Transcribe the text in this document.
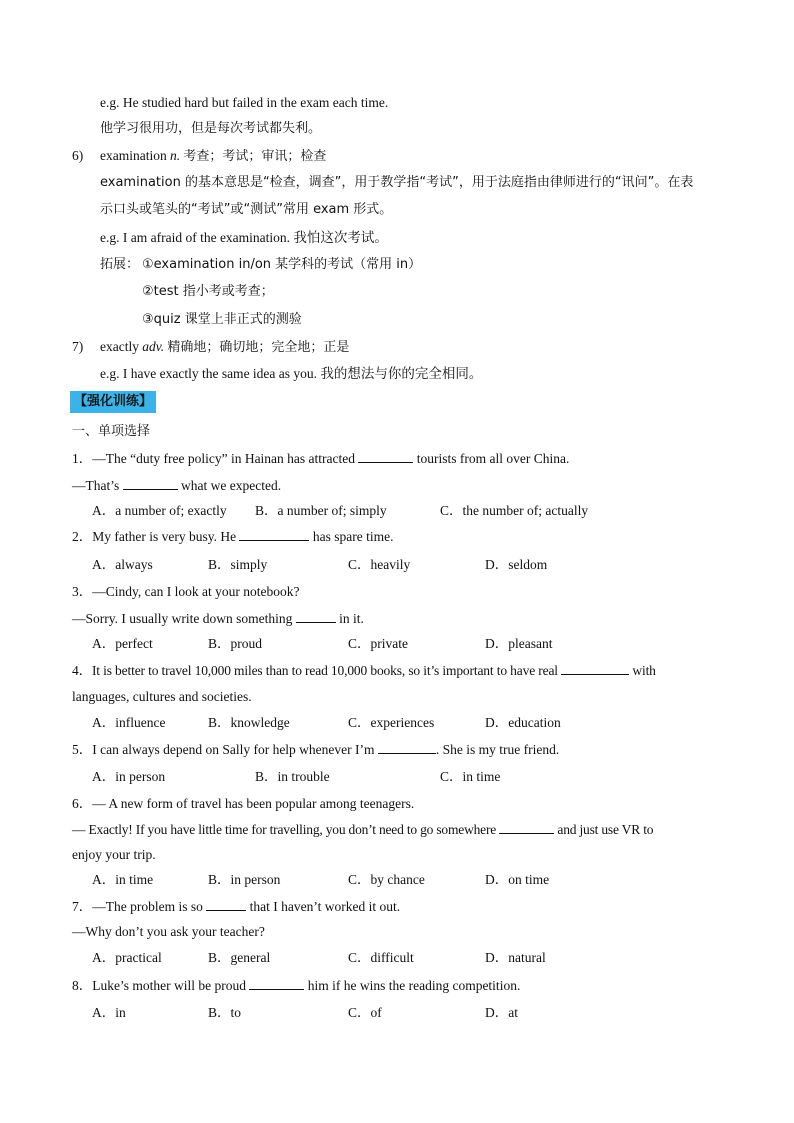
e.g. He studied hard but failed in the exam each time.
他学习很用功，但是每次考试都失利。
6) examination n. 考查；考试；审讯；检查
examination 的基本意思是“检查，调查”，用于教学指“考试”，用于法庭指由律师进行的“讯问”。在表
示口头或笔头的“考试”或“测试”常用 exam 形式。
e.g. I am afraid of the examination. 我怕这次考试。
拓展： ①examination in/on 某学科的考试（常用 in）
②test 指小考或考查；
③quiz 课堂上非正式的测验
7) exactly adv. 精确地；确切地；完全地；正是
e.g. I have exactly the same idea as you. 我的想法与你的完全相同。
【强化训练】
一、单项选择
1．—The “duty free policy” in Hainan has attracted	tourists from all over China.
—That’s	what we expected.
A．a number of; exactly B．a number of; simply	C．the number of; actually
2．My father is very busy. He	has spare time.
A．always	B．simply	C．heavily	D．seldom
3．—Cindy, can I look at your notebook?
—Sorry. I usually write down something	in it.
A．perfect	B．proud	C．private	D．pleasant
4．It is better to travel 10,000 miles than to read 10,000 books, so it’s important to have real	with
languages, cultures and societies.
A．influence	B．knowledge	C．experiences	D．education
5．I can always depend on Sally for help whenever I’m	. She is my true friend.
A．in person	B．in trouble	C．in time
6．— A new form of travel has been popular among teenagers.
— Exactly! If you have little time for travelling, you don’t need to go somewhere	and just use VR to
enjoy your trip.
A．in time	B．in person	C．by chance	D．on time
7．—The problem is so	that I haven’t worked it out.
—Why don’t you ask your teacher?
A．practical	B．general	C．difficult	D．natural
8．Luke’s mother will be proud	him if he wins the reading competition.
A．in	B．to	C．of	D．at
